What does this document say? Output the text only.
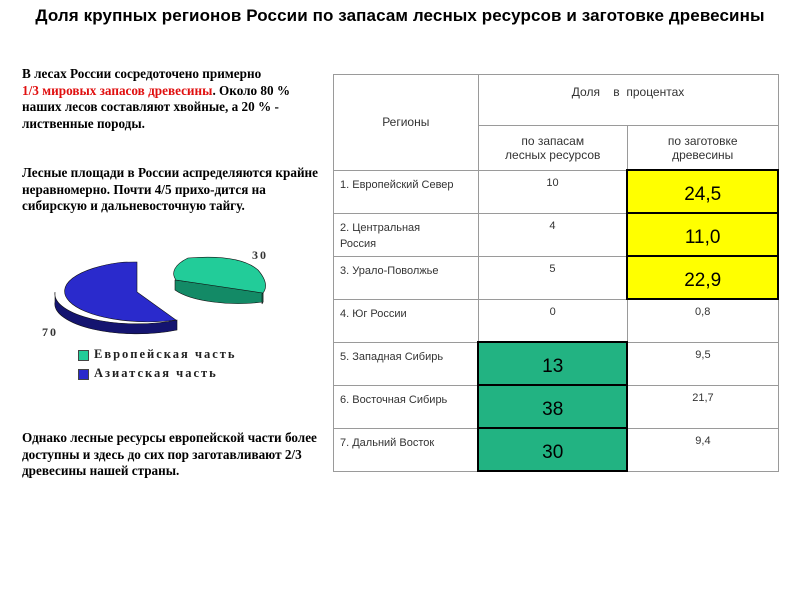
Доля крупных регионов России по запасам лесных ресурсов и заготовке древесины
В лесах России сосредоточено примерно
1/3 мировых запасов древесины. Около 80 % наших лесов составляют хвойные, а 20 % - лиственные породы.
Лесные площади в России аспределяются крайне неравномерно. Почти 4/5 прихо-дится на сибирскую и дальневосточную тайгу.
30
70
Европейская часть
Азиатская часть
Однако лесные ресурсы европейской части более доступны и здесь до сих пор заготавливают 2/3 древесины нашей страны.
Регионы	Доля    в  процентах	
	по запасам лесных ресурсов	по заготовке древесины
1. Европейский Север	10	24,5
2. Центральная Россия	4	11,0
3. Урало-Поволжье	5	22,9
4. Юг России	0	0,8
5. Западная Сибирь	13	9,5
6. Восточная Сибирь	38	21,7
7. Дальний Восток	30	9,4
